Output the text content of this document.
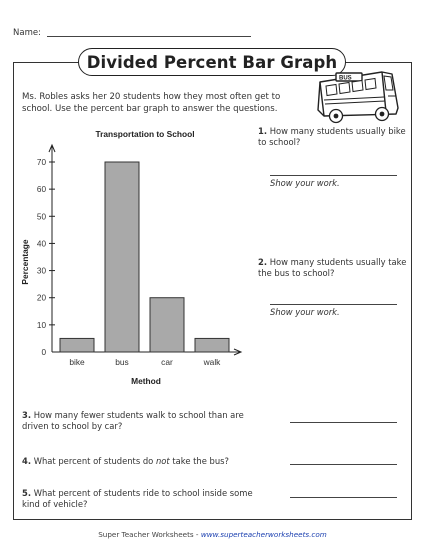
Name:
Divided Percent Bar Graph
Ms. Robles asks her 20 students how they most often get to school. Use the percent bar graph to answer the questions.
BUS
Transportation to School
Percentage
Method
0
10
20
30
40
50
60
70
bike	bus	car	walk
1. How many students usually bike to school?
Show your work.
2. How many students usually take the bus to school?
Show your work.
3. How many fewer students walk to school than are driven to school by car?
4. What percent of students do not take the bus?
5. What percent of students ride to school inside some kind of vehicle?
Super Teacher Worksheets - www.superteacherworksheets.com
